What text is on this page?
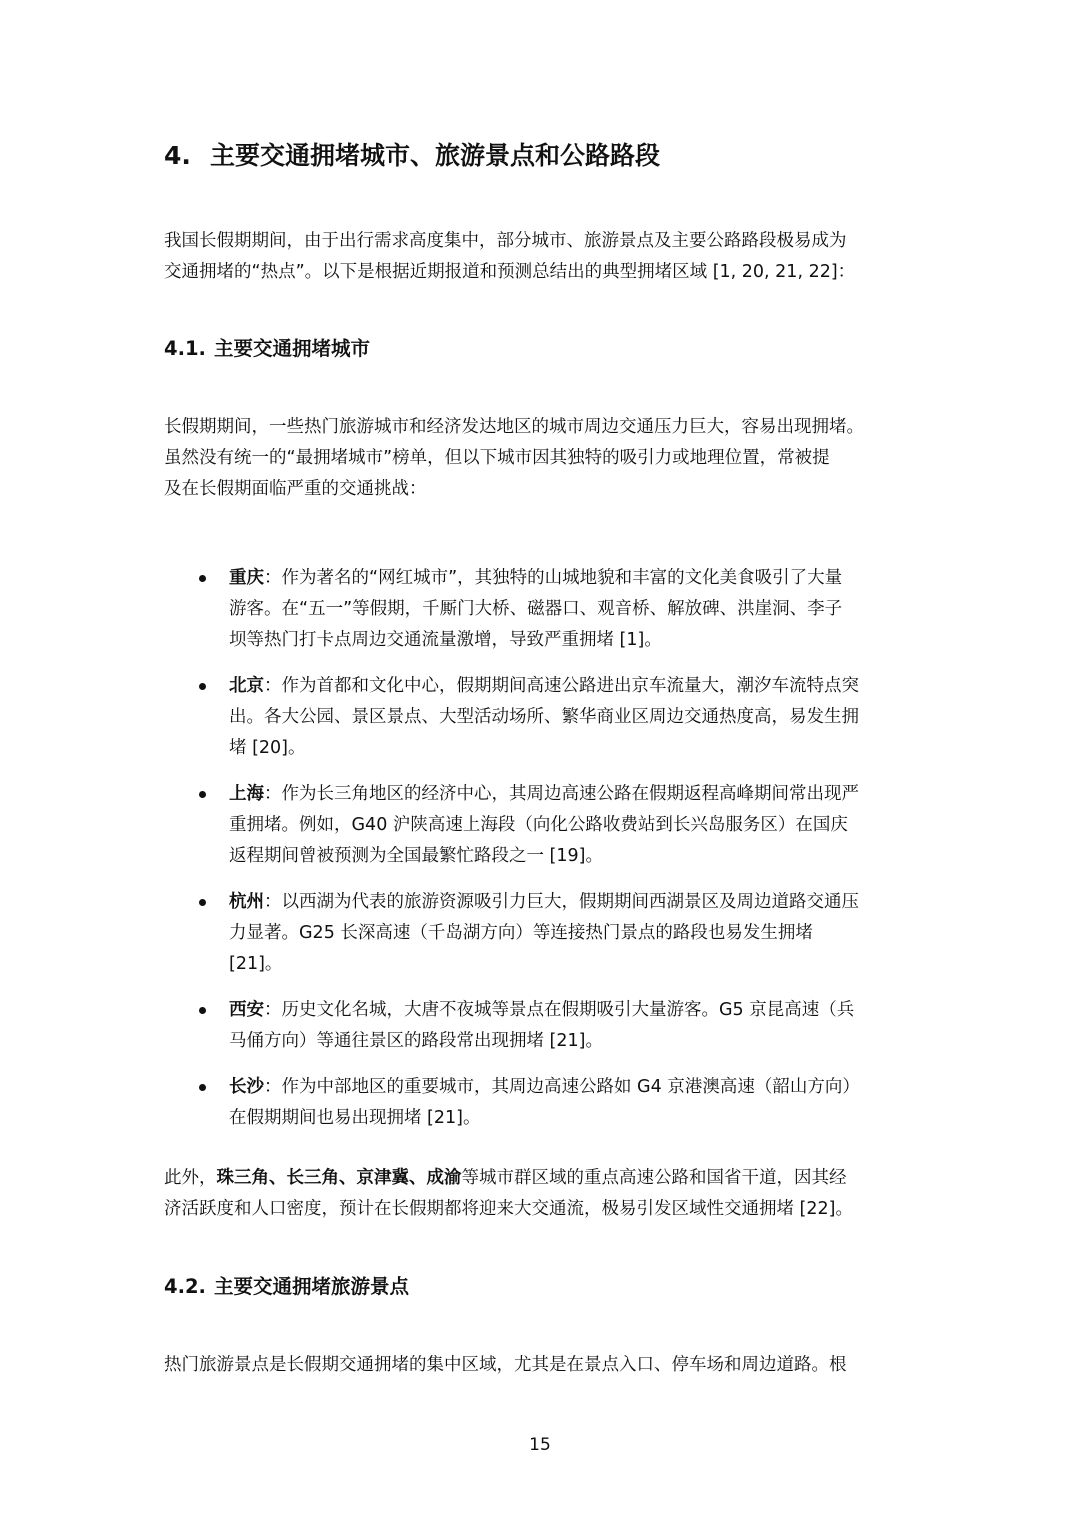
4. 主要交通拥堵城市、旅游景点和公路路段

我国长假期期间，由于出行需求高度集中，部分城市、旅游景点及主要公路路段极易成为
交通拥堵的“热点”。以下是根据近期报道和预测总结出的典型拥堵区域 [1, 20, 21, 22]：

4.1. 主要交通拥堵城市

长假期期间，一些热门旅游城市和经济发达地区的城市周边交通压力巨大，容易出现拥堵。
虽然没有统一的“最拥堵城市”榜单，但以下城市因其独特的吸引力或地理位置，常被提
及在长假期面临严重的交通挑战：

重庆：作为著名的“网红城市”，其独特的山城地貌和丰富的文化美食吸引了大量
游客。在“五一”等假期，千厮门大桥、磁器口、观音桥、解放碑、洪崖洞、李子
坝等热门打卡点周边交通流量激增，导致严重拥堵 [1]。
北京：作为首都和文化中心，假期期间高速公路进出京车流量大，潮汐车流特点突
出。各大公园、景区景点、大型活动场所、繁华商业区周边交通热度高，易发生拥
堵 [20]。
上海：作为长三角地区的经济中心，其周边高速公路在假期返程高峰期间常出现严
重拥堵。例如，G40 沪陕高速上海段（向化公路收费站到长兴岛服务区）在国庆
返程期间曾被预测为全国最繁忙路段之一 [19]。
杭州：以西湖为代表的旅游资源吸引力巨大，假期期间西湖景区及周边道路交通压
力显著。G25 长深高速（千岛湖方向）等连接热门景点的路段也易发生拥堵
[21]。
西安：历史文化名城，大唐不夜城等景点在假期吸引大量游客。G5 京昆高速（兵
马俑方向）等通往景区的路段常出现拥堵 [21]。
长沙：作为中部地区的重要城市，其周边高速公路如 G4 京港澳高速（韶山方向）
在假期期间也易出现拥堵 [21]。

此外，珠三角、长三角、京津冀、成渝等城市群区域的重点高速公路和国省干道，因其经
济活跃度和人口密度，预计在长假期都将迎来大交通流，极易引发区域性交通拥堵 [22]。

4.2. 主要交通拥堵旅游景点

热门旅游景点是长假期交通拥堵的集中区域，尤其是在景点入口、停车场和周边道路。根

15
